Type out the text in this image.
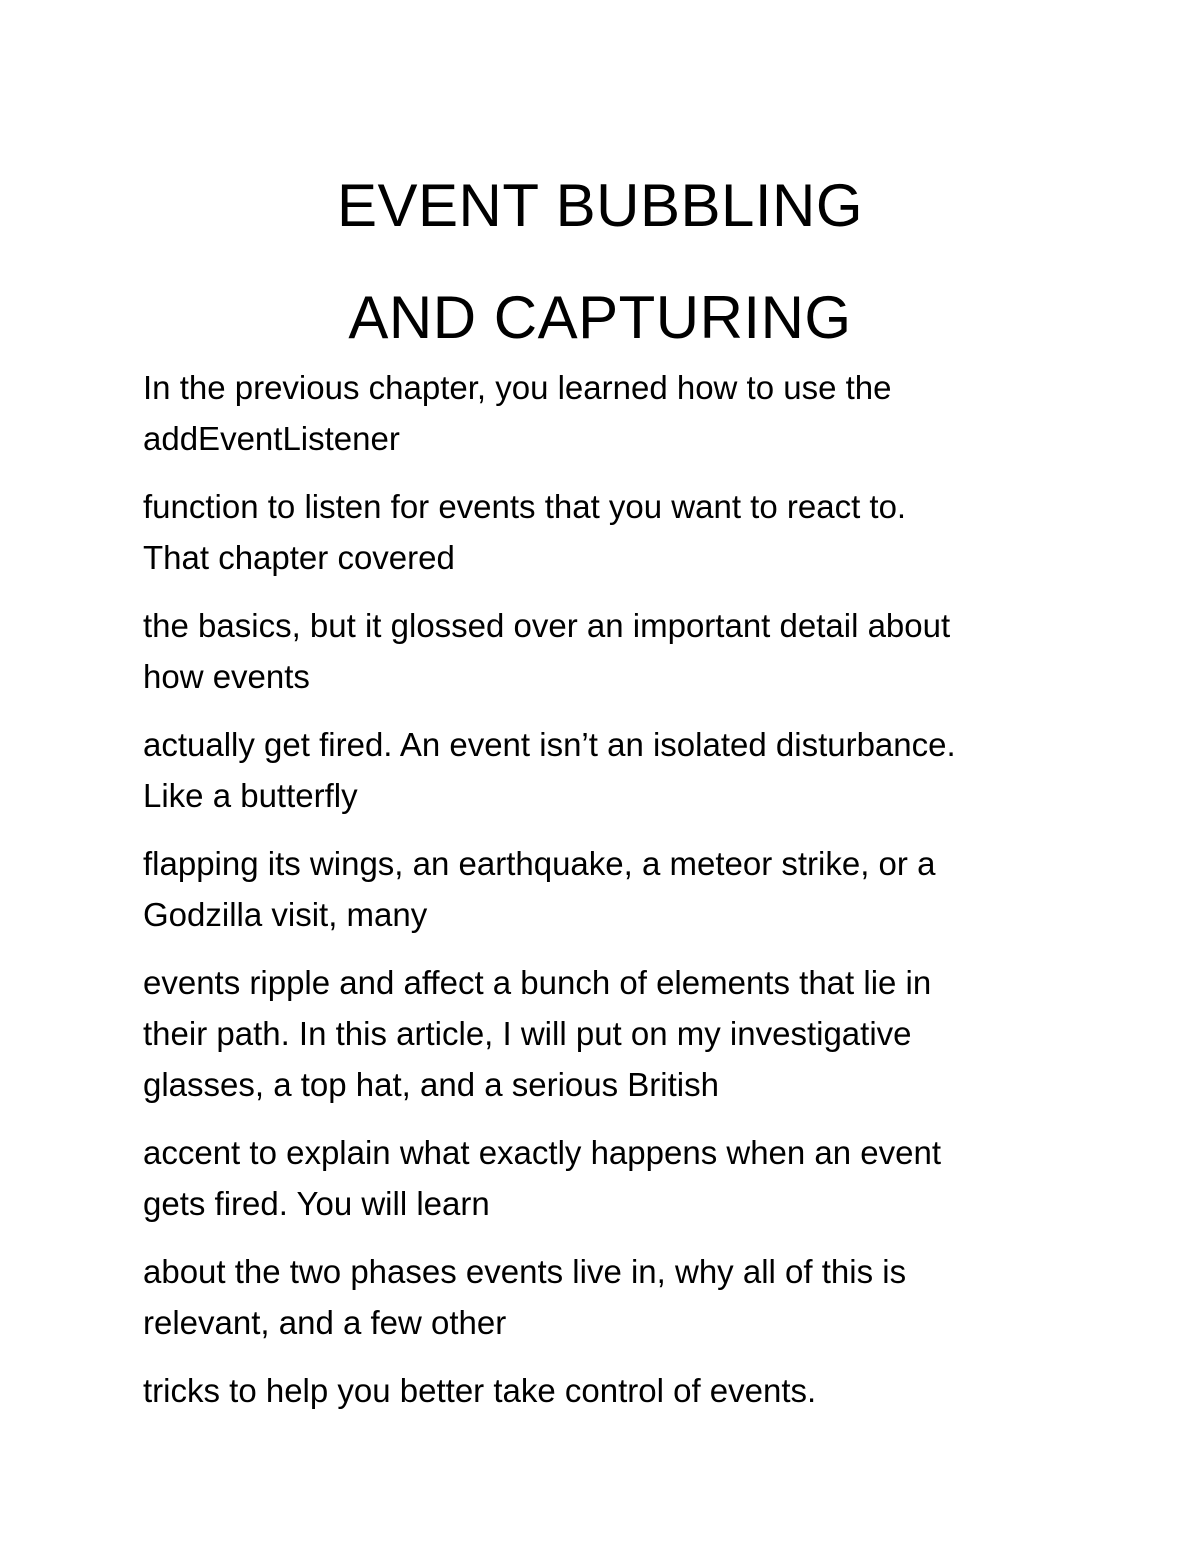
EVENT BUBBLING
AND CAPTURING

In the previous chapter, you learned how to use the
addEventListener

function to listen for events that you want to react to.
That chapter covered

the basics, but it glossed over an important detail about
how events

actually get fired. An event isn’t an isolated disturbance.
Like a butterfly

flapping its wings, an earthquake, a meteor strike, or a
Godzilla visit, many

events ripple and affect a bunch of elements that lie in
their path. In this article, I will put on my investigative
glasses, a top hat, and a serious British

accent to explain what exactly happens when an event
gets fired. You will learn

about the two phases events live in, why all of this is
relevant, and a few other

tricks to help you better take control of events.
